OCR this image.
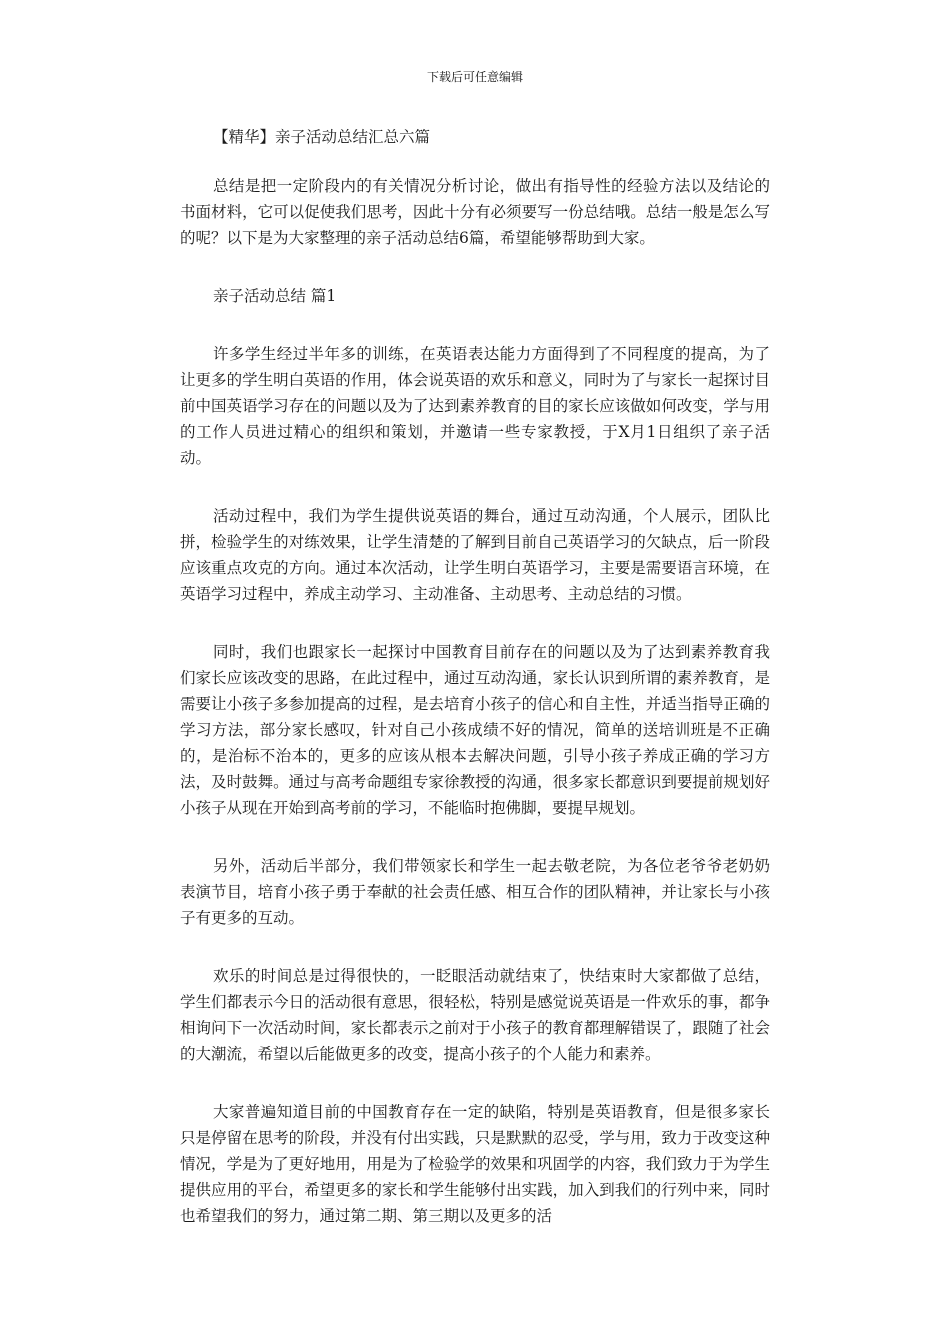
下载后可任意编辑
【精华】亲子活动总结汇总六篇

总结是把一定阶段内的有关情况分析讨论，做出有指导性的经验方法以及结论的书面材料，它可以促使我们思考，因此十分有必须要写一份总结哦。总结一般是怎么写的呢？以下是为大家整理的亲子活动总结6篇，希望能够帮助到大家。

亲子活动总结 篇1

许多学生经过半年多的训练，在英语表达能力方面得到了不同程度的提高，为了让更多的学生明白英语的作用，体会说英语的欢乐和意义，同时为了与家长一起探讨目前中国英语学习存在的问题以及为了达到素养教育的目的家长应该做如何改变，学与用的工作人员进过精心的组织和策划，并邀请一些专家教授，于X月1日组织了亲子活动。

活动过程中，我们为学生提供说英语的舞台，通过互动沟通，个人展示，团队比拼，检验学生的对练效果，让学生清楚的了解到目前自己英语学习的欠缺点，后一阶段应该重点攻克的方向。通过本次活动，让学生明白英语学习，主要是需要语言环境，在英语学习过程中，养成主动学习、主动准备、主动思考、主动总结的习惯。

同时，我们也跟家长一起探讨中国教育目前存在的问题以及为了达到素养教育我们家长应该改变的思路，在此过程中，通过互动沟通，家长认识到所谓的素养教育，是需要让小孩子多参加提高的过程，是去培育小孩子的信心和自主性，并适当指导正确的学习方法，部分家长感叹，针对自己小孩成绩不好的情况，简单的送培训班是不正确的，是治标不治本的，更多的应该从根本去解决问题，引导小孩子养成正确的学习方法，及时鼓舞。通过与高考命题组专家徐教授的沟通，很多家长都意识到要提前规划好小孩子从现在开始到高考前的学习，不能临时抱佛脚，要提早规划。

另外，活动后半部分，我们带领家长和学生一起去敬老院，为各位老爷爷老奶奶表演节目，培育小孩子勇于奉献的社会责任感、相互合作的团队精神，并让家长与小孩子有更多的互动。

欢乐的时间总是过得很快的，一眨眼活动就结束了，快结束时大家都做了总结，学生们都表示今日的活动很有意思，很轻松，特别是感觉说英语是一件欢乐的事，都争相询问下一次活动时间，家长都表示之前对于小孩子的教育都理解错误了，跟随了社会的大潮流，希望以后能做更多的改变，提高小孩子的个人能力和素养。

大家普遍知道目前的中国教育存在一定的缺陷，特别是英语教育，但是很多家长只是停留在思考的阶段，并没有付出实践，只是默默的忍受，学与用，致力于改变这种情况，学是为了更好地用，用是为了检验学的效果和巩固学的内容，我们致力于为学生提供应用的平台，希望更多的家长和学生能够付出实践，加入到我们的行列中来，同时也希望我们的努力，通过第二期、第三期以及更多的活
